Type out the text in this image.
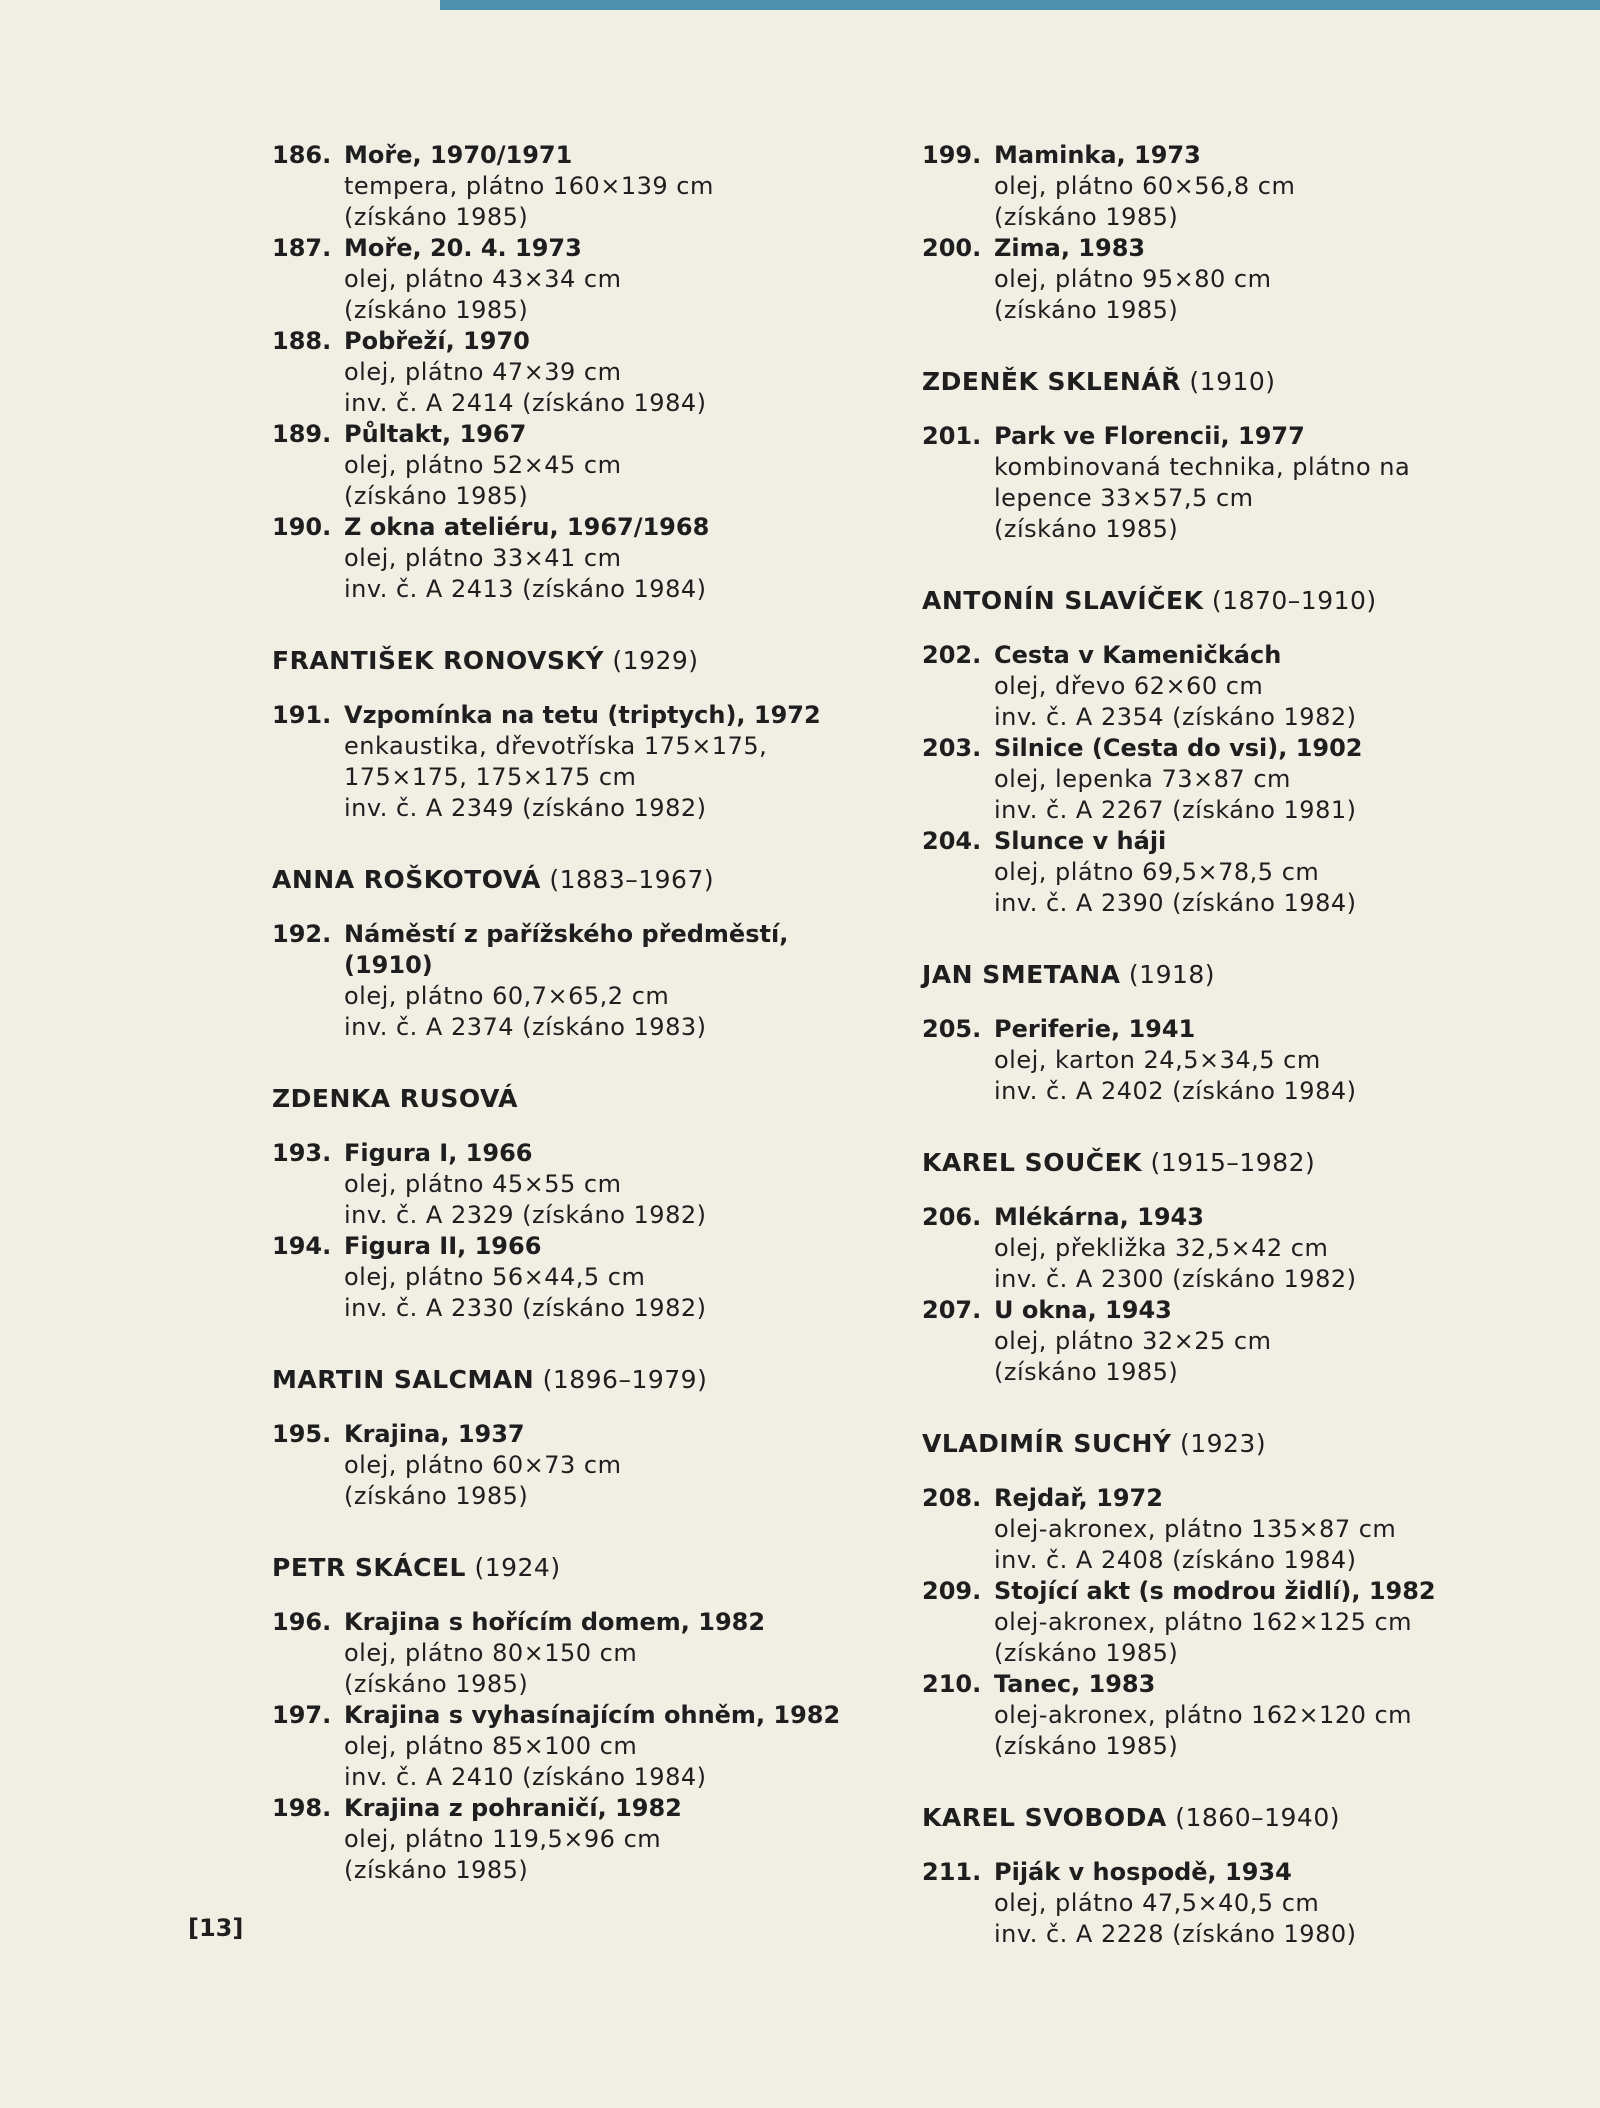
186. Moře, 1970/1971
tempera, plátno 160×139 cm
(získáno 1985)
187. Moře, 20. 4. 1973
olej, plátno 43×34 cm
(získáno 1985)
188. Pobřeží, 1970
olej, plátno 47×39 cm
inv. č. A 2414 (získáno 1984)
189. Půltakt, 1967
olej, plátno 52×45 cm
(získáno 1985)
190. Z okna ateliéru, 1967/1968
olej, plátno 33×41 cm
inv. č. A 2413 (získáno 1984)
FRANTIŠEK RONOVSKÝ (1929)
191. Vzpomínka na tetu (triptych), 1972
enkaustika, dřevotříska 175×175,
175×175, 175×175 cm
inv. č. A 2349 (získáno 1982)
ANNA ROŠKOTOVÁ (1883–1967)
192. Náměstí z pařížského předměstí, (1910)
olej, plátno 60,7×65,2 cm
inv. č. A 2374 (získáno 1983)
ZDENKA RUSOVÁ
193. Figura I, 1966
olej, plátno 45×55 cm
inv. č. A 2329 (získáno 1982)
194. Figura II, 1966
olej, plátno 56×44,5 cm
inv. č. A 2330 (získáno 1982)
MARTIN SALCMAN (1896–1979)
195. Krajina, 1937
olej, plátno 60×73 cm
(získáno 1985)
PETR SKÁCEL (1924)
196. Krajina s hořícím domem, 1982
olej, plátno 80×150 cm
(získáno 1985)
197. Krajina s vyhasínajícím ohněm, 1982
olej, plátno 85×100 cm
inv. č. A 2410 (získáno 1984)
198. Krajina z pohraničí, 1982
olej, plátno 119,5×96 cm
(získáno 1985)
199. Maminka, 1973
olej, plátno 60×56,8 cm
(získáno 1985)
200. Zima, 1983
olej, plátno 95×80 cm
(získáno 1985)
ZDENĚK SKLENÁŘ (1910)
201. Park ve Florencii, 1977
kombinovaná technika, plátno na
lepence 33×57,5 cm
(získáno 1985)
ANTONÍN SLAVÍČEK (1870–1910)
202. Cesta v Kameničkách
olej, dřevo 62×60 cm
inv. č. A 2354 (získáno 1982)
203. Silnice (Cesta do vsi), 1902
olej, lepenka 73×87 cm
inv. č. A 2267 (získáno 1981)
204. Slunce v háji
olej, plátno 69,5×78,5 cm
inv. č. A 2390 (získáno 1984)
JAN SMETANA (1918)
205. Periferie, 1941
olej, karton 24,5×34,5 cm
inv. č. A 2402 (získáno 1984)
KAREL SOUČEK (1915–1982)
206. Mlékárna, 1943
olej, překližka 32,5×42 cm
inv. č. A 2300 (získáno 1982)
207. U okna, 1943
olej, plátno 32×25 cm
(získáno 1985)
VLADIMÍR SUCHÝ (1923)
208. Rejdař, 1972
olej-akronex, plátno 135×87 cm
inv. č. A 2408 (získáno 1984)
209. Stojící akt (s modrou židlí), 1982
olej-akronex, plátno 162×125 cm
(získáno 1985)
210. Tanec, 1983
olej-akronex, plátno 162×120 cm
(získáno 1985)
KAREL SVOBODA (1860–1940)
211. Piják v hospodě, 1934
olej, plátno 47,5×40,5 cm
inv. č. A 2228 (získáno 1980)
[13]
